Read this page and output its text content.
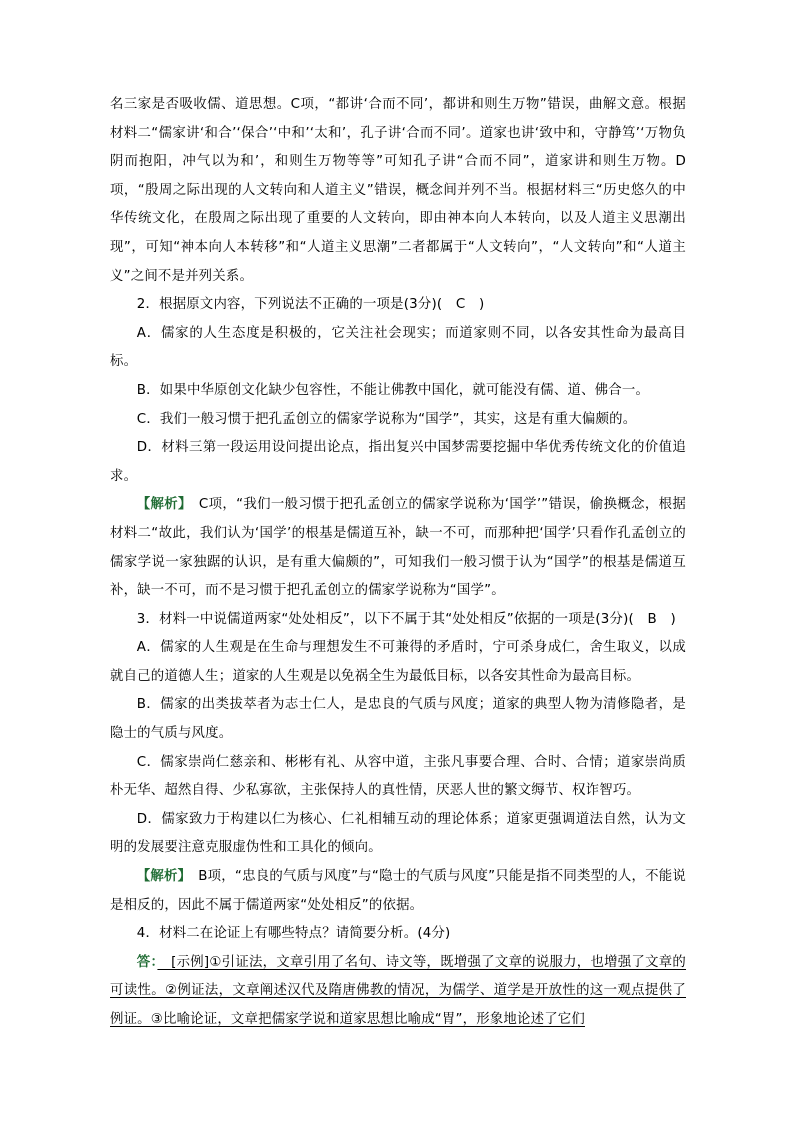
名三家是否吸收儒、道思想。C项，“都讲‘合而不同’，都讲和则生万物”错误，曲解文意。根据材料二“儒家讲‘和合’‘保合’‘中和’‘太和’，孔子讲‘合而不同’。道家也讲‘致中和，守静笃’‘万物负阴而抱阳，冲气以为和’，和则生万物等等”可知孔子讲“合而不同”，道家讲和则生万物。D项，“殷周之际出现的人文转向和人道主义”错误，概念间并列不当。根据材料三“历史悠久的中华传统文化，在殷周之际出现了重要的人文转向，即由神本向人本转向，以及人道主义思潮出现”，可知“神本向人本转移”和“人道主义思潮”二者都属于“人文转向”，“人文转向”和“人道主义”之间不是并列关系。

2．根据原文内容，下列说法不正确的一项是(3分)(　C　)

A．儒家的人生态度是积极的，它关注社会现实；而道家则不同，以各安其性命为最高目标。

B．如果中华原创文化缺少包容性，不能让佛教中国化，就可能没有儒、道、佛合一。

C．我们一般习惯于把孔孟创立的儒家学说称为“国学”，其实，这是有重大偏颇的。

D．材料三第一段运用设问提出论点，指出复兴中国梦需要挖掘中华优秀传统文化的价值追求。

【解析】　C项，“我们一般习惯于把孔孟创立的儒家学说称为‘国学’”错误，偷换概念，根据材料二“故此，我们认为‘国学’的根基是儒道互补，缺一不可，而那种把‘国学’只看作孔孟创立的儒家学说一家独踞的认识，是有重大偏颇的”，可知我们一般习惯于认为“国学”的根基是儒道互补，缺一不可，而不是习惯于把孔孟创立的儒家学说称为“国学”。

3．材料一中说儒道两家“处处相反”，以下不属于其“处处相反”依据的一项是(3分)(　B　)

A．儒家的人生观是在生命与理想发生不可兼得的矛盾时，宁可杀身成仁，舍生取义，以成就自己的道德人生；道家的人生观是以免祸全生为最低目标，以各安其性命为最高目标。

B．儒家的出类拔萃者为志士仁人，是忠良的气质与风度；道家的典型人物为清修隐者，是隐士的气质与风度。

C．儒家崇尚仁慈亲和、彬彬有礼、从容中道，主张凡事要合理、合时、合情；道家崇尚质朴无华、超然自得、少私寡欲，主张保持人的真性情，厌恶人世的繁文缛节、权诈智巧。

D．儒家致力于构建以仁为核心、仁礼相辅互动的理论体系；道家更强调道法自然，认为文明的发展要注意克服虚伪性和工具化的倾向。

【解析】　B项，“忠良的气质与风度”与“隐士的气质与风度”只能是指不同类型的人，不能说是相反的，因此不属于儒道两家“处处相反”的依据。

4．材料二在论证上有哪些特点？请简要分析。(4分)

答：　[示例]①引证法，文章引用了名句、诗文等，既增强了文章的说服力，也增强了文章的可读性。②例证法，文章阐述汉代及隋唐佛教的情况，为儒学、道学是开放性的这一观点提供了例证。③比喻论证，文章把儒家学说和道家思想比喻成“胃”，形象地论述了它们
